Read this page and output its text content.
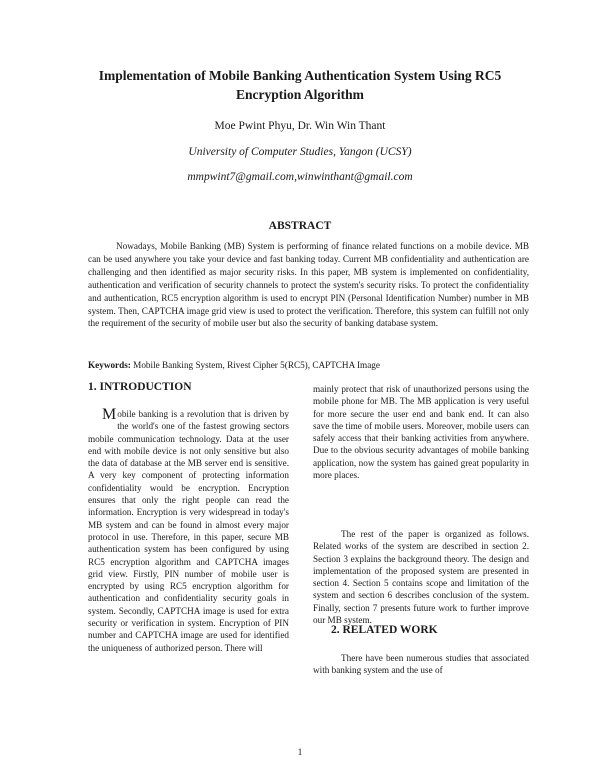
Implementation of Mobile Banking Authentication System Using RC5
Encryption Algorithm
Moe Pwint Phyu, Dr. Win Win Thant
University of Computer Studies, Yangon (UCSY)
mmpwint7@gmail.com,winwinthant@gmail.com
ABSTRACT

Nowadays, Mobile Banking (MB) System is performing of finance related functions on a mobile device. MB can be used anywhere you take your device and fast banking today. Current MB confidentiality and authentication are challenging and then identified as major security risks. In this paper, MB system is implemented on confidentiality, authentication and verification of security channels to protect the system's security risks. To protect the confidentiality and authentication, RC5 encryption algorithm is used to encrypt PIN (Personal Identification Number) number in MB system. Then, CAPTCHA image grid view is used to protect the verification. Therefore, this system can fulfill not only the requirement of the security of mobile user but also the security of banking database system.

Keywords: Mobile Banking System, Rivest Cipher 5(RC5), CAPTCHA Image

1. INTRODUCTION

Mobile banking is a revolution that is driven by the world's one of the fastest growing sectors mobile communication technology. Data at the user end with mobile device is not only sensitive but also the data of database at the MB server end is sensitive. A very key component of protecting information confidentiality would be encryption. Encryption ensures that only the right people can read the information. Encryption is very widespread in today's MB system and can be found in almost every major protocol in use. Therefore, in this paper, secure MB authentication system has been configured by using RC5 encryption algorithm and CAPTCHA images grid view. Firstly, PIN number of mobile user is encrypted by using RC5 encryption algorithm for authentication and confidentiality security goals in system. Secondly, CAPTCHA image is used for extra security or verification in system. Encryption of PIN number and CAPTCHA image are used for identified the uniqueness of authorized person. There will

mainly protect that risk of unauthorized persons using the mobile phone for MB. The MB application is very useful for more secure the user end and bank end. It can also save the time of mobile users. Moreover, mobile users can safely access that their banking activities from anywhere. Due to the obvious security advantages of mobile banking application, now the system has gained great popularity in more places.

The rest of the paper is organized as follows. Related works of the system are described in section 2. Section 3 explains the background theory. The design and implementation of the proposed system are presented in section 4. Section 5 contains scope and limitation of the system and section 6 describes conclusion of the system. Finally, section 7 presents future work to further improve our MB system.

2. RELATED WORK

There have been numerous studies that associated with banking system and the use of

1
